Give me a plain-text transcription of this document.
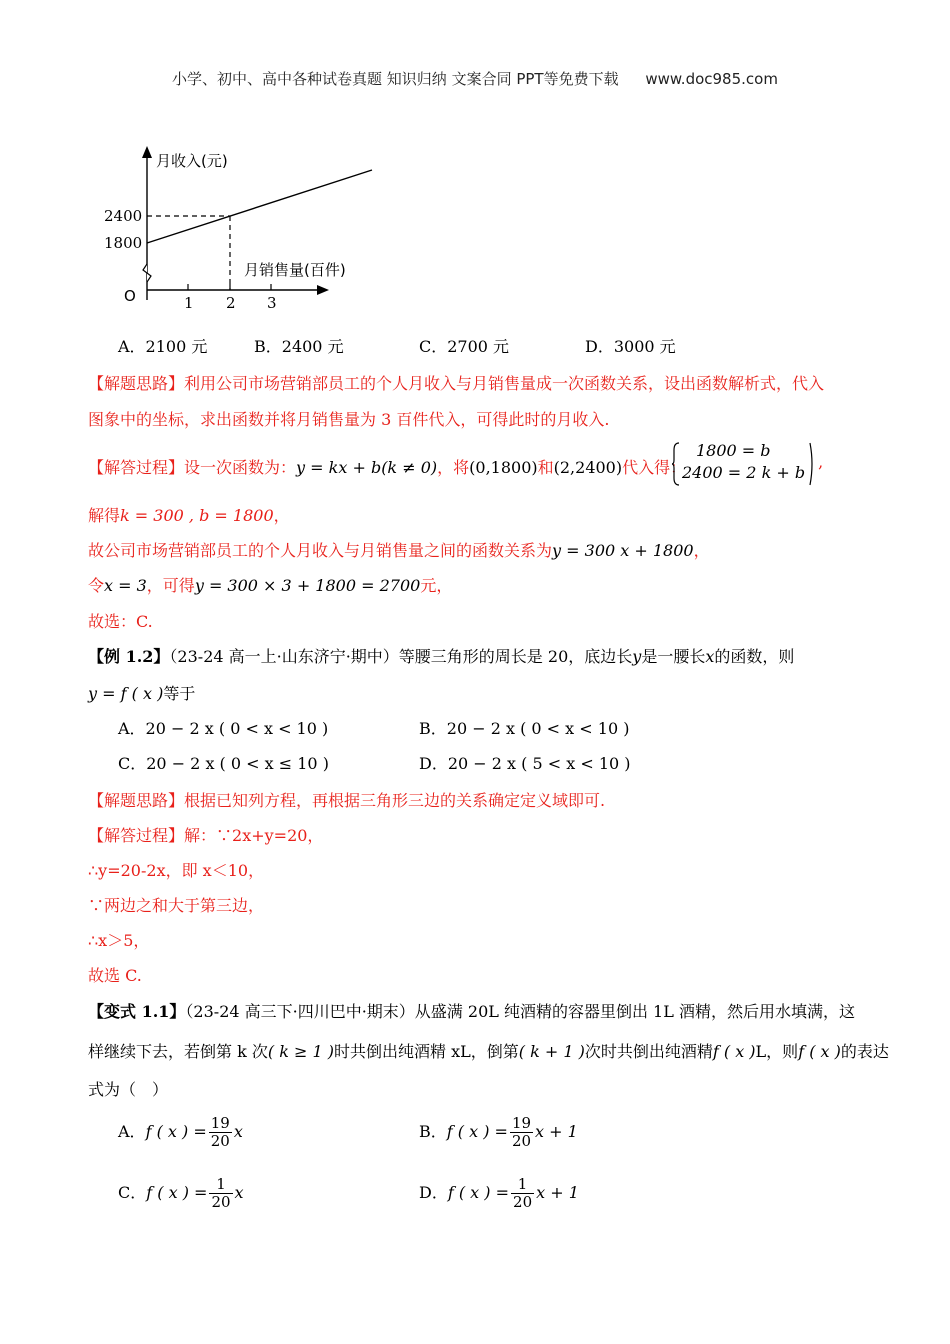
小学、初中、高中各种试卷真题 知识归纳 文案合同 PPT等免费下载 www.doc985.com
月收入(元)
月销售量(百件)
2400
1800
O	1 2 3
A．2100 元	B．2400 元	C．2700 元	D．3000 元
【解题思路】利用公司市场营销部员工的个人月收入与月销售量成一次函数关系，设出函数解析式，代入
图象中的坐标，求出函数并将月销售量为 3 百件代入，可得此时的月收入.
【解答过程】设一次函数为：y = kx + b(k ≠ 0)，将(0,1800)和(2,2400)代入得：
1800 = b
2400 = 2 k + b
,
解得k = 300 , b = 1800，
故公司市场营销部员工的个人月收入与月销售量之间的函数关系为y = 300 x + 1800，
令x = 3，可得y = 300 × 3 + 1800 = 2700元，
故选：C.
【例 1.2】（23-24 高一上·山东济宁·期中）等腰三角形的周长是 20，底边长y是一腰长x的函数，则
y = f ( x )等于
A．20 − 2 x ( 0 < x < 10 )	B．20 − 2 x ( 0 < x < 10 )
C．20 − 2 x ( 0 < x ≤ 10 )	D．20 − 2 x ( 5 < x < 10 )
【解题思路】根据已知列方程，再根据三角形三边的关系确定定义域即可.
【解答过程】解：∵2x+y=20，
∴y=20-2x，即 x＜10，
∵两边之和大于第三边，
∴x＞5，
故选 C.
【变式 1.1】（23-24 高三下·四川巴中·期末）从盛满 20L 纯酒精的容器里倒出 1L 酒精，然后用水填满，这
样继续下去，若倒第 k 次( k ≥ 1 )时共倒出纯酒精 xL，倒第( k + 1 )次时共倒出纯酒精f ( x )L，则f ( x )的表达
式为（　）
A．f ( x ) = $\frac{19}{20}$ x	B．f ( x ) = $\frac{19}{20}$ x + 1
C．f ( x ) = $\frac{1}{20}$ x	D．f ( x ) = $\frac{1}{20}$ x + 1
